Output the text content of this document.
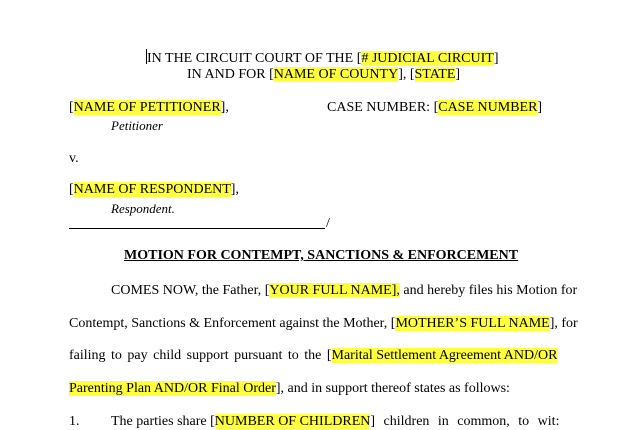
IN THE CIRCUIT COURT OF THE [# JUDICIAL CIRCUIT]
IN AND FOR [NAME OF COUNTY], [STATE]
[NAME OF PETITIONER],	CASE NUMBER: [CASE NUMBER]
Petitioner
v.
[NAME OF RESPONDENT],
Respondent.
/
MOTION FOR CONTEMPT, SANCTIONS & ENFORCEMENT
COMES NOW, the Father, [YOUR FULL NAME], and hereby files his Motion for
Contempt, Sanctions & Enforcement against the Mother, [MOTHER’S FULL NAME], for
failing to pay child support pursuant to the [Marital Settlement Agreement AND/OR
Parenting Plan AND/OR Final Order], and in support thereof states as follows:
1. The parties share [NUMBER OF CHILDREN] children in common, to wit:
